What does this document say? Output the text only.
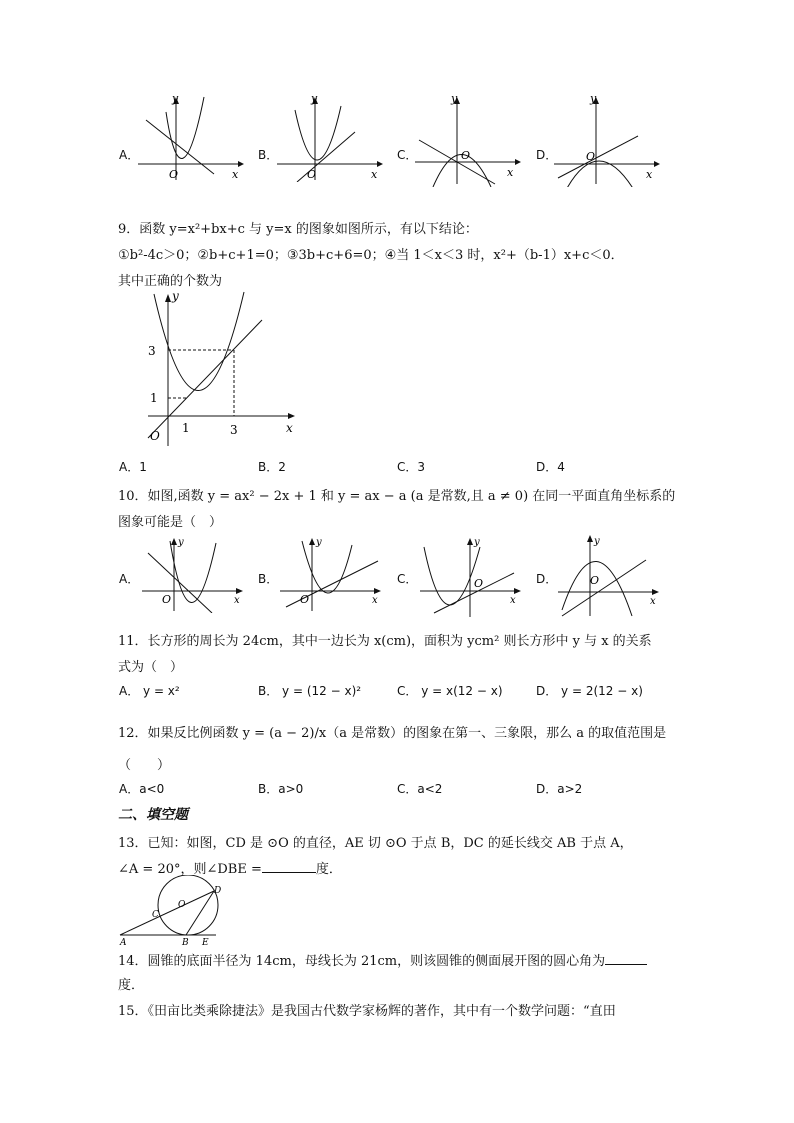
A．	B．	C．	D．
y
x
O
y
x
O
y
x
O
y
x
O
9．函数 y=x²+bx+c 与 y=x 的图象如图所示，有以下结论：
①b²-4c＞0；②b+c+1=0；③3b+c+6=0；④当 1＜x＜3 时，x²+（b-1）x+c＜0．
其中正确的个数为
y
x
O
3
1
1	3
A．1	B．2	C．3	D．4
10．如图,函数 y = ax² − 2x + 1 和 y = ax − a (a 是常数,且 a ≠ 0) 在同一平面直角坐标系的
图象可能是（　）
A．	B．	C．	D．
y
x
O
y
x
O
y
x
O
y
x
O
11．长方形的周长为 24cm，其中一边长为 x(cm)，面积为 ycm² 则长方形中 y 与 x 的关系
式为（　）
A． y = x²	B． y = (12 − x)²	C． y = x(12 − x)	D． y = 2(12 − x)
12．如果反比例函数 y = (a − 2)/x（a 是常数）的图象在第一、三象限，那么 a 的取值范围是
（　　）
A．a<0	B．a>0	C．a<2	D．a>2
二、填空题
13．已知：如图，CD 是 ⊙O 的直径，AE 切 ⊙O 于点 B，DC 的延长线交 AB 于点 A，
∠A = 20°，则∠DBE =	度．
A	B E
C
O
D
14．圆锥的底面半径为 14cm，母线长为 21cm，则该圆锥的侧面展开图的圆心角为
度．
15．《田亩比类乘除捷法》是我国古代数学家杨辉的著作，其中有一个数学问题：“直田
